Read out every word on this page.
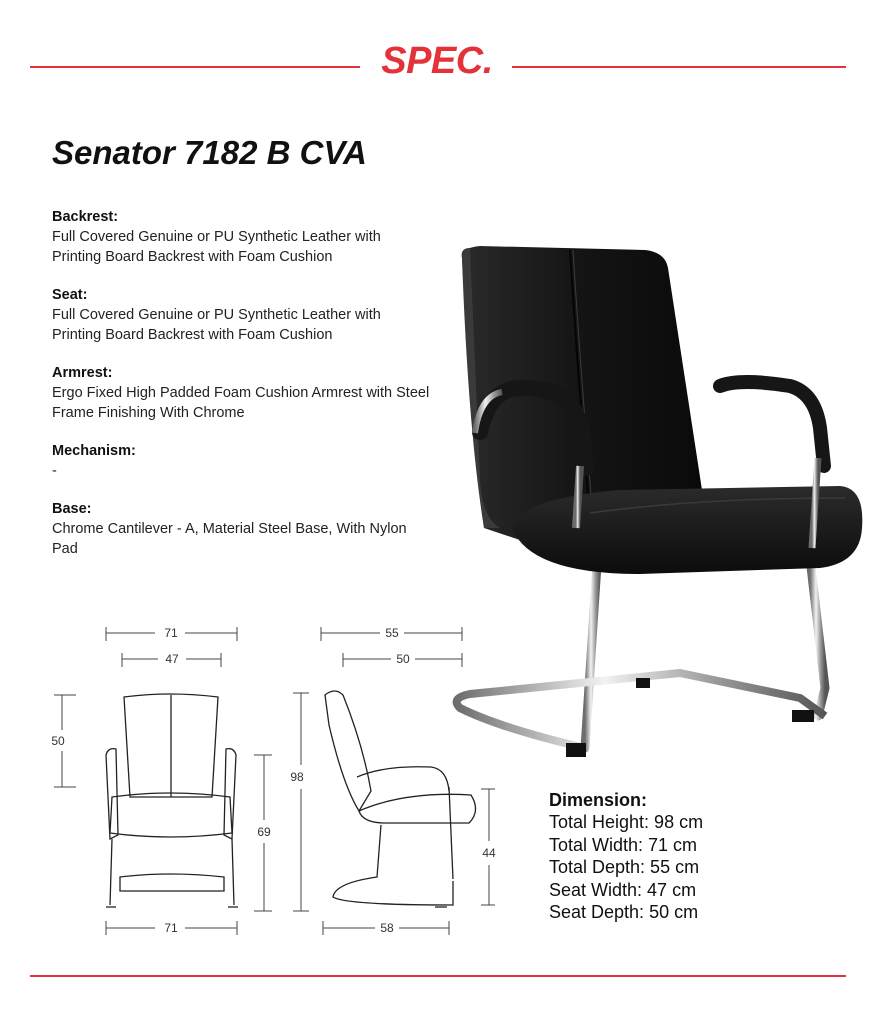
SPEC.
Senator 7182 B CVA
Backrest:
Full Covered Genuine or PU Synthetic Leather with Printing Board Backrest with Foam Cushion
Seat:
Full Covered Genuine or PU Synthetic Leather with Printing Board Backrest with Foam Cushion
Armrest:
Ergo Fixed High Padded Foam Cushion Armrest with Steel Frame Finishing With Chrome
Mechanism:
-
Base:
Chrome Cantilever - A, Material Steel Base, With Nylon Pad
71
47
50
69
71
55
50
98
44
58
Dimension:
Total Height: 98 cm
Total Width: 71 cm
Total Depth: 55 cm
Seat Width: 47 cm
Seat Depth: 50 cm
